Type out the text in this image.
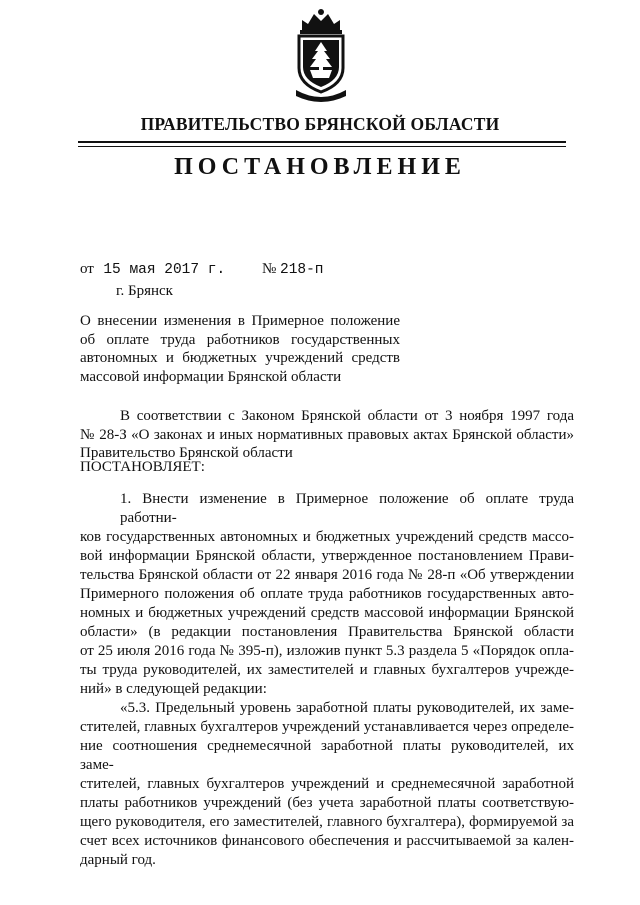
ПРАВИТЕЛЬСТВО БРЯНСКОЙ ОБЛАСТИ
ПОСТАНОВЛЕНИЕ
от 15 мая 2017 г. № 218-п
г. Брянск
О внесении изменения в Примерное положение
об оплате труда работников государственных
автономных и бюджетных учреждений средств
массовой информации Брянской области
В соответствии с Законом Брянской области от 3 ноября 1997 года
№ 28-З «О законах и иных нормативных правовых актах Брянской области»
Правительство Брянской области
ПОСТАНОВЛЯЕТ:
1. Внести изменение в Примерное положение об оплате труда работни-
ков государственных автономных и бюджетных учреждений средств массо-
вой информации Брянской области, утвержденное постановлением Прави-
тельства Брянской области от 22 января 2016 года № 28-п «Об утверждении
Примерного положения об оплате труда работников государственных авто-
номных и бюджетных учреждений средств массовой информации Брянской
области» (в редакции постановления Правительства Брянской области
от 25 июля 2016 года № 395-п), изложив пункт 5.3 раздела 5 «Порядок опла-
ты труда руководителей, их заместителей и главных бухгалтеров учрежде-
ний» в следующей редакции:
«5.3. Предельный уровень заработной платы руководителей, их заме-
стителей, главных бухгалтеров учреждений устанавливается через определе-
ние соотношения среднемесячной заработной платы руководителей, их заме-
стителей, главных бухгалтеров учреждений и среднемесячной заработной
платы работников учреждений (без учета заработной платы соответствую-
щего руководителя, его заместителей, главного бухгалтера), формируемой за
счет всех источников финансового обеспечения и рассчитываемой за кален-
дарный год.
